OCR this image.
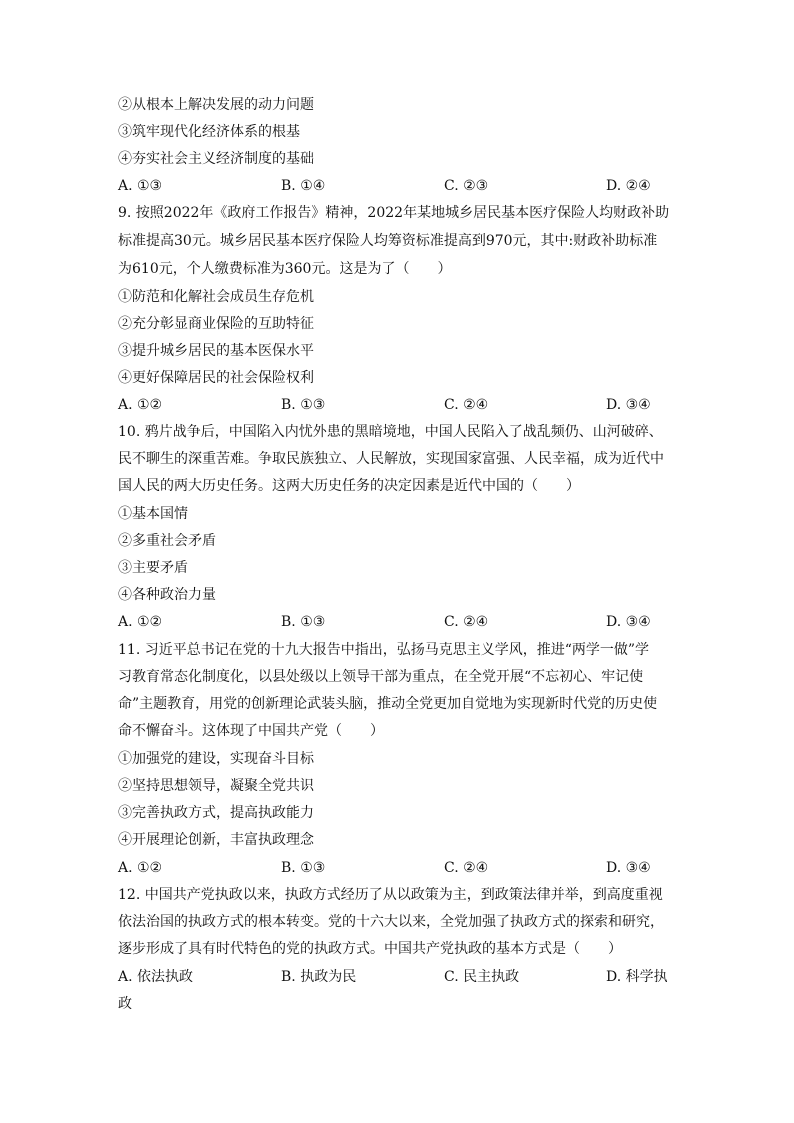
②从根本上解决发展的动力问题
③筑牢现代化经济体系的根基
④夯实社会主义经济制度的基础
A. ①③	B. ①④	C. ②③	D. ②④
9. 按照2022年《政府工作报告》精神，2022年某地城乡居民基本医疗保险人均财政补助
标准提高30元。城乡居民基本医疗保险人均筹资标准提高到970元，其中:财政补助标准
为610元，个人缴费标准为360元。这是为了（　　）
①防范和化解社会成员生存危机
②充分彰显商业保险的互助特征
③提升城乡居民的基本医保水平
④更好保障居民的社会保险权利
A. ①②	B. ①③	C. ②④	D. ③④
10. 鸦片战争后，中国陷入内忧外患的黑暗境地，中国人民陷入了战乱频仍、山河破碎、
民不聊生的深重苦难。争取民族独立、人民解放，实现国家富强、人民幸福，成为近代中
国人民的两大历史任务。这两大历史任务的决定因素是近代中国的（　　）
①基本国情
②多重社会矛盾
③主要矛盾
④各种政治力量
A. ①②	B. ①③	C. ②④	D. ③④
11. 习近平总书记在党的十九大报告中指出，弘扬马克思主义学风，推进“两学一做”学
习教育常态化制度化，以县处级以上领导干部为重点，在全党开展“不忘初心、牢记使
命”主题教育，用党的创新理论武装头脑，推动全党更加自觉地为实现新时代党的历史使
命不懈奋斗。这体现了中国共产党（　　）
①加强党的建设，实现奋斗目标
②坚持思想领导，凝聚全党共识
③完善执政方式，提高执政能力
④开展理论创新，丰富执政理念
A. ①②	B. ①③	C. ②④	D. ③④
12. 中国共产党执政以来，执政方式经历了从以政策为主，到政策法律并举，到高度重视
依法治国的执政方式的根本转变。党的十六大以来，全党加强了执政方式的探索和研究，
逐步形成了具有时代特色的党的执政方式。中国共产党执政的基本方式是（　　）
A. 依法执政	B. 执政为民	C. 民主执政	D. 科学执
政
